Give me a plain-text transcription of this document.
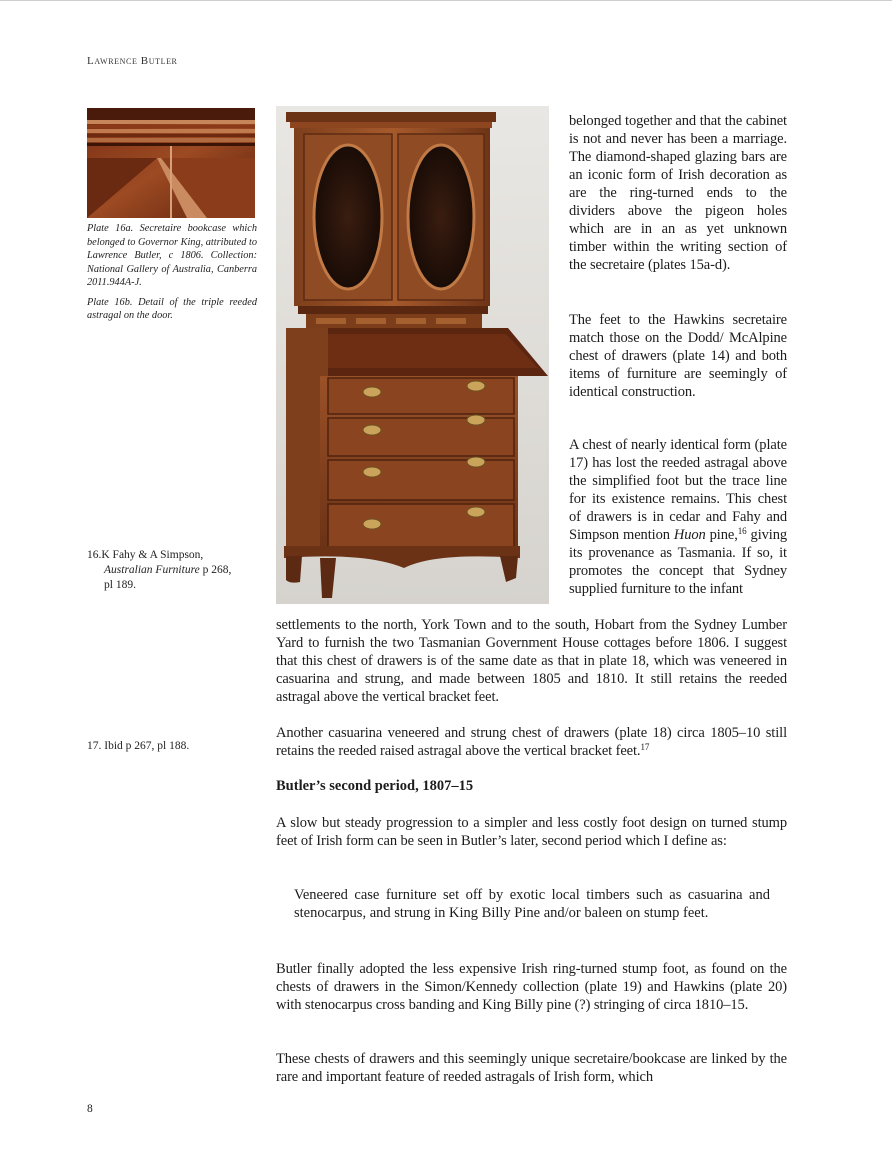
Lawrence Butler

Plate 16a. Secretaire bookcase which belonged to Governor King, attributed to Lawrence Butler, c 1806. Collection: National Gallery of Australia, Canberra 2011.944A-J.

Plate 16b. Detail of the triple reeded astragal on the door.

belonged together and that the cabinet is not and never has been a marriage. The diamond-shaped glazing bars are an iconic form of Irish decoration as are the ring-turned ends to the dividers above the pigeon holes which are in an as yet unknown timber within the writing section of the secretaire (plates 15a-d).

The feet to the Hawkins secretaire match those on the Dodd/ McAlpine chest of drawers (plate 14) and both items of furniture are seemingly of identical construction.

A chest of nearly identical form (plate 17) has lost the reeded astragal above the simplified foot but the trace line for its existence remains. This chest of drawers is in cedar and Fahy and Simpson mention Huon pine,$^{16}$ giving its provenance as Tasmania. If so, it promotes the concept that Sydney supplied furniture to the infant

settlements to the north, York Town and to the south, Hobart from the Sydney Lumber Yard to furnish the two Tasmanian Government House cottages before 1806. I suggest that this chest of drawers is of the same date as that in plate 18, which was veneered in casuarina and strung, and made between 1805 and 1810. It still retains the reeded astragal above the vertical bracket feet.

Another casuarina veneered and strung chest of drawers (plate 18) circa 1805–10 still retains the reeded raised astragal above the vertical bracket feet.$^{17}$

Butler’s second period, 1807–15

A slow but steady progression to a simpler and less costly foot design on turned stump feet of Irish form can be seen in Butler’s later, second period which I define as:

Veneered case furniture set off by exotic local timbers such as casuarina and stenocarpus, and strung in King Billy Pine and/or baleen on stump feet.

Butler finally adopted the less expensive Irish ring-turned stump foot, as found on the chests of drawers in the Simon/Kennedy collection (plate 19) and Hawkins (plate 20) with stenocarpus cross banding and King Billy pine (?) stringing of circa 1810–15.

These chests of drawers and this seemingly unique secretaire/bookcase are linked by the rare and important feature of reeded astragals of Irish form, which

16.K Fahy & A Simpson,
Australian Furniture p 268,
pl 189.
17. Ibid p 267, pl 188.
8
